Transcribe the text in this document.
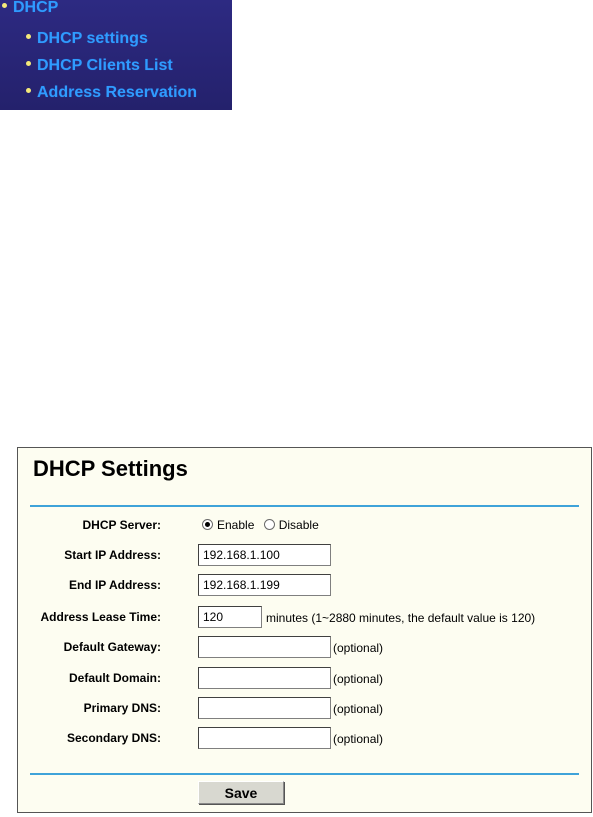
DHCP
DHCP settings
DHCP Clients List
Address Reservation
DHCP Settings
DHCP Server:	Enable Disable
Start IP Address:
192.168.1.100
End IP Address:
192.168.1.199
Address Lease Time:
120	minutes (1~2880 minutes, the default value is 120)
Default Gateway:	(optional)
Default Domain:	(optional)
Primary DNS:	(optional)
Secondary DNS:	(optional)
Save
